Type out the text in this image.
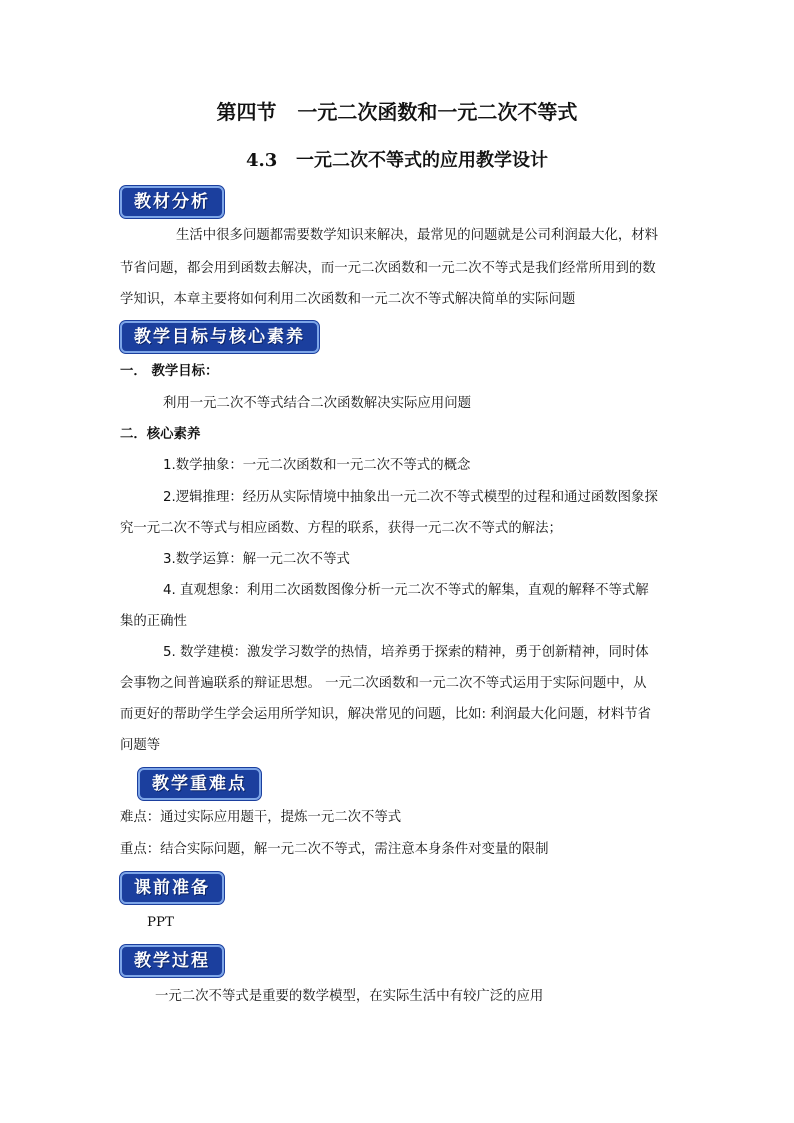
第四节   一元二次函数和一元二次不等式
4.3   一元二次不等式的应用教学设计
教材分析
生活中很多问题都需要数学知识来解决，最常见的问题就是公司利润最大化，材料
节省问题，都会用到函数去解决，而一元二次函数和一元二次不等式是我们经常所用到的数
学知识，本章主要将如何利用二次函数和一元二次不等式解决简单的实际问题
教学目标与核心素养
一． 教学目标：
利用一元二次不等式结合二次函数解决实际应用问题
二．核心素养
1.数学抽象：一元二次函数和一元二次不等式的概念
2.逻辑推理：经历从实际情境中抽象出一元二次不等式模型的过程和通过函数图象探
究一元二次不等式与相应函数、方程的联系，获得一元二次不等式的解法；
3.数学运算：解一元二次不等式
4. 直观想象：利用二次函数图像分析一元二次不等式的解集，直观的解释不等式解
集的正确性
5. 数学建模：激发学习数学的热情，培养勇于探索的精神，勇于创新精神，同时体
会事物之间普遍联系的辩证思想。 一元二次函数和一元二次不等式运用于实际问题中，从
而更好的帮助学生学会运用所学知识，解决常见的问题，比如: 利润最大化问题，材料节省
问题等
教学重难点
难点：通过实际应用题干，提炼一元二次不等式
重点：结合实际问题，解一元二次不等式，需注意本身条件对变量的限制
课前准备
PPT
教学过程
一元二次不等式是重要的数学模型，在实际生活中有较广泛的应用
